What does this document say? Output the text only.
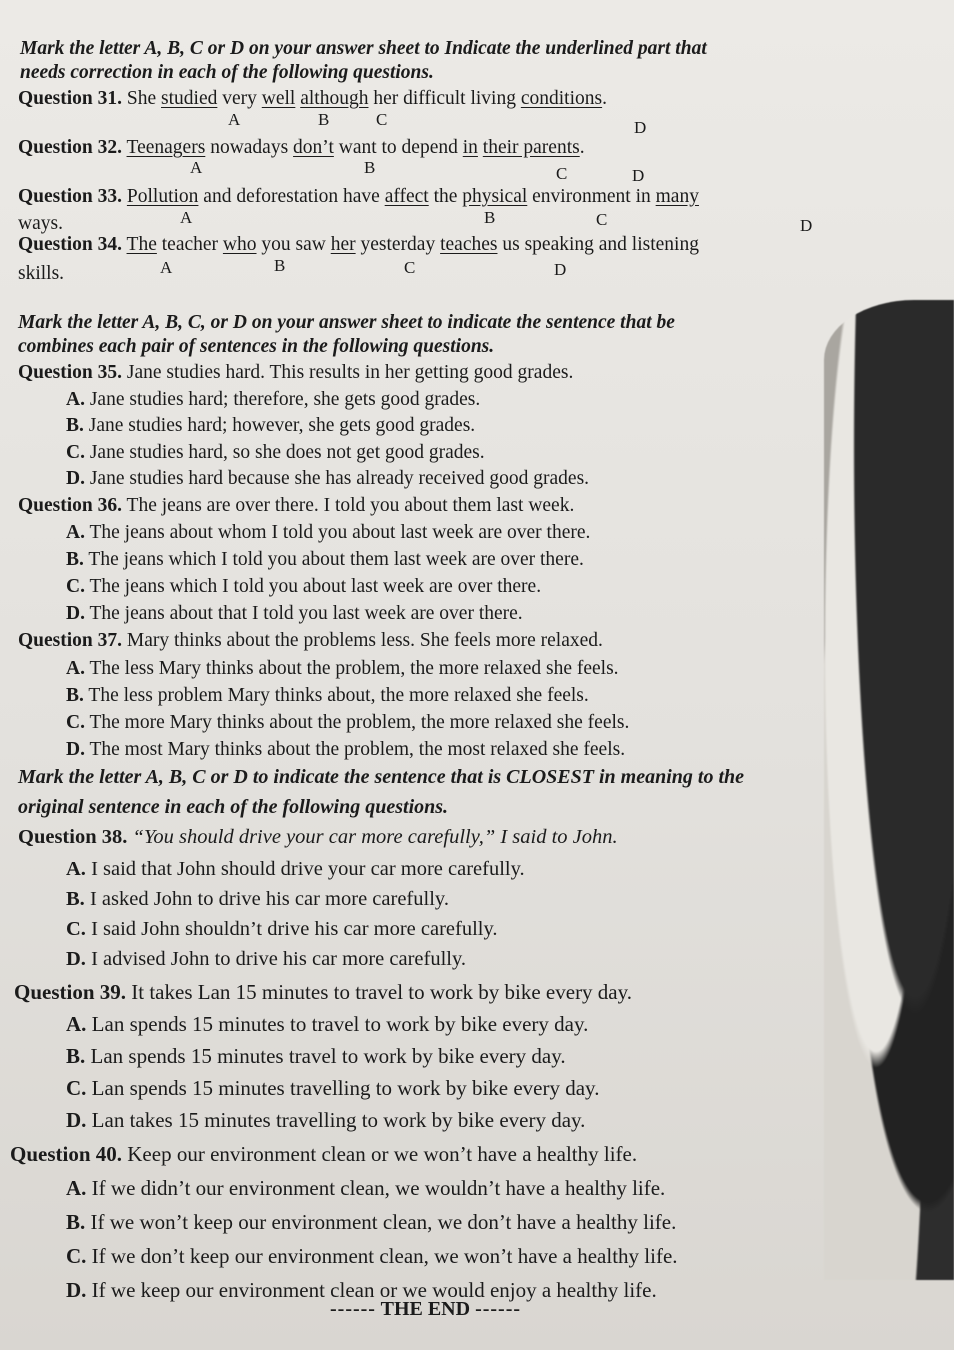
Mark the letter A, B, C or D on your answer sheet to Indicate the underlined part that
needs correction in each of the following questions.
Question 31. She studied very well although her difficult living conditions.
A	B	C	D
Question 32. Teenagers nowadays don’t want to depend in their parents.
A	B	C	D
Question 33. Pollution and deforestation have affect the physical environment in many
ways.	A	B	C	D
Question 34. The teacher who you saw her yesterday teaches us speaking and listening
skills.	A	B	C	D
Mark the letter A, B, C, or D on your answer sheet to indicate the sentence that be
combines each pair of sentences in the following questions.
Question 35. Jane studies hard. This results in her getting good grades.
A. Jane studies hard; therefore, she gets good grades.
B. Jane studies hard; however, she gets good grades.
C. Jane studies hard, so she does not get good grades.
D. Jane studies hard because she has already received good grades.
Question 36. The jeans are over there. I told you about them last week.
A. The jeans about whom I told you about last week are over there.
B. The jeans which I told you about them last week are over there.
C. The jeans which I told you about last week are over there.
D. The jeans about that I told you last week are over there.
Question 37. Mary thinks about the problems less. She feels more relaxed.
A. The less Mary thinks about the problem, the more relaxed she feels.
B. The less problem Mary thinks about, the more relaxed she feels.
C. The more Mary thinks about the problem, the more relaxed she feels.
D. The most Mary thinks about the problem, the most relaxed she feels.
Mark the letter A, B, C or D to indicate the sentence that is CLOSEST in meaning to the
original sentence in each of the following questions.
Question 38. “You should drive your car more carefully,” I said to John.
A. I said that John should drive your car more carefully.
B. I asked John to drive his car more carefully.
C. I said John shouldn’t drive his car more carefully.
D. I advised John to drive his car more carefully.
Question 39. It takes Lan 15 minutes to travel to work by bike every day.
A. Lan spends 15 minutes to travel to work by bike every day.
B. Lan spends 15 minutes travel to work by bike every day.
C. Lan spends 15 minutes travelling to work by bike every day.
D. Lan takes 15 minutes travelling to work by bike every day.
Question 40. Keep our environment clean or we won’t have a healthy life.
A. If we didn’t our environment clean, we wouldn’t have a healthy life.
B. If we won’t keep our environment clean, we don’t have a healthy life.
C. If we don’t keep our environment clean, we won’t have a healthy life.
D. If we keep our environment clean or we would enjoy a healthy life.
------ THE END ------
